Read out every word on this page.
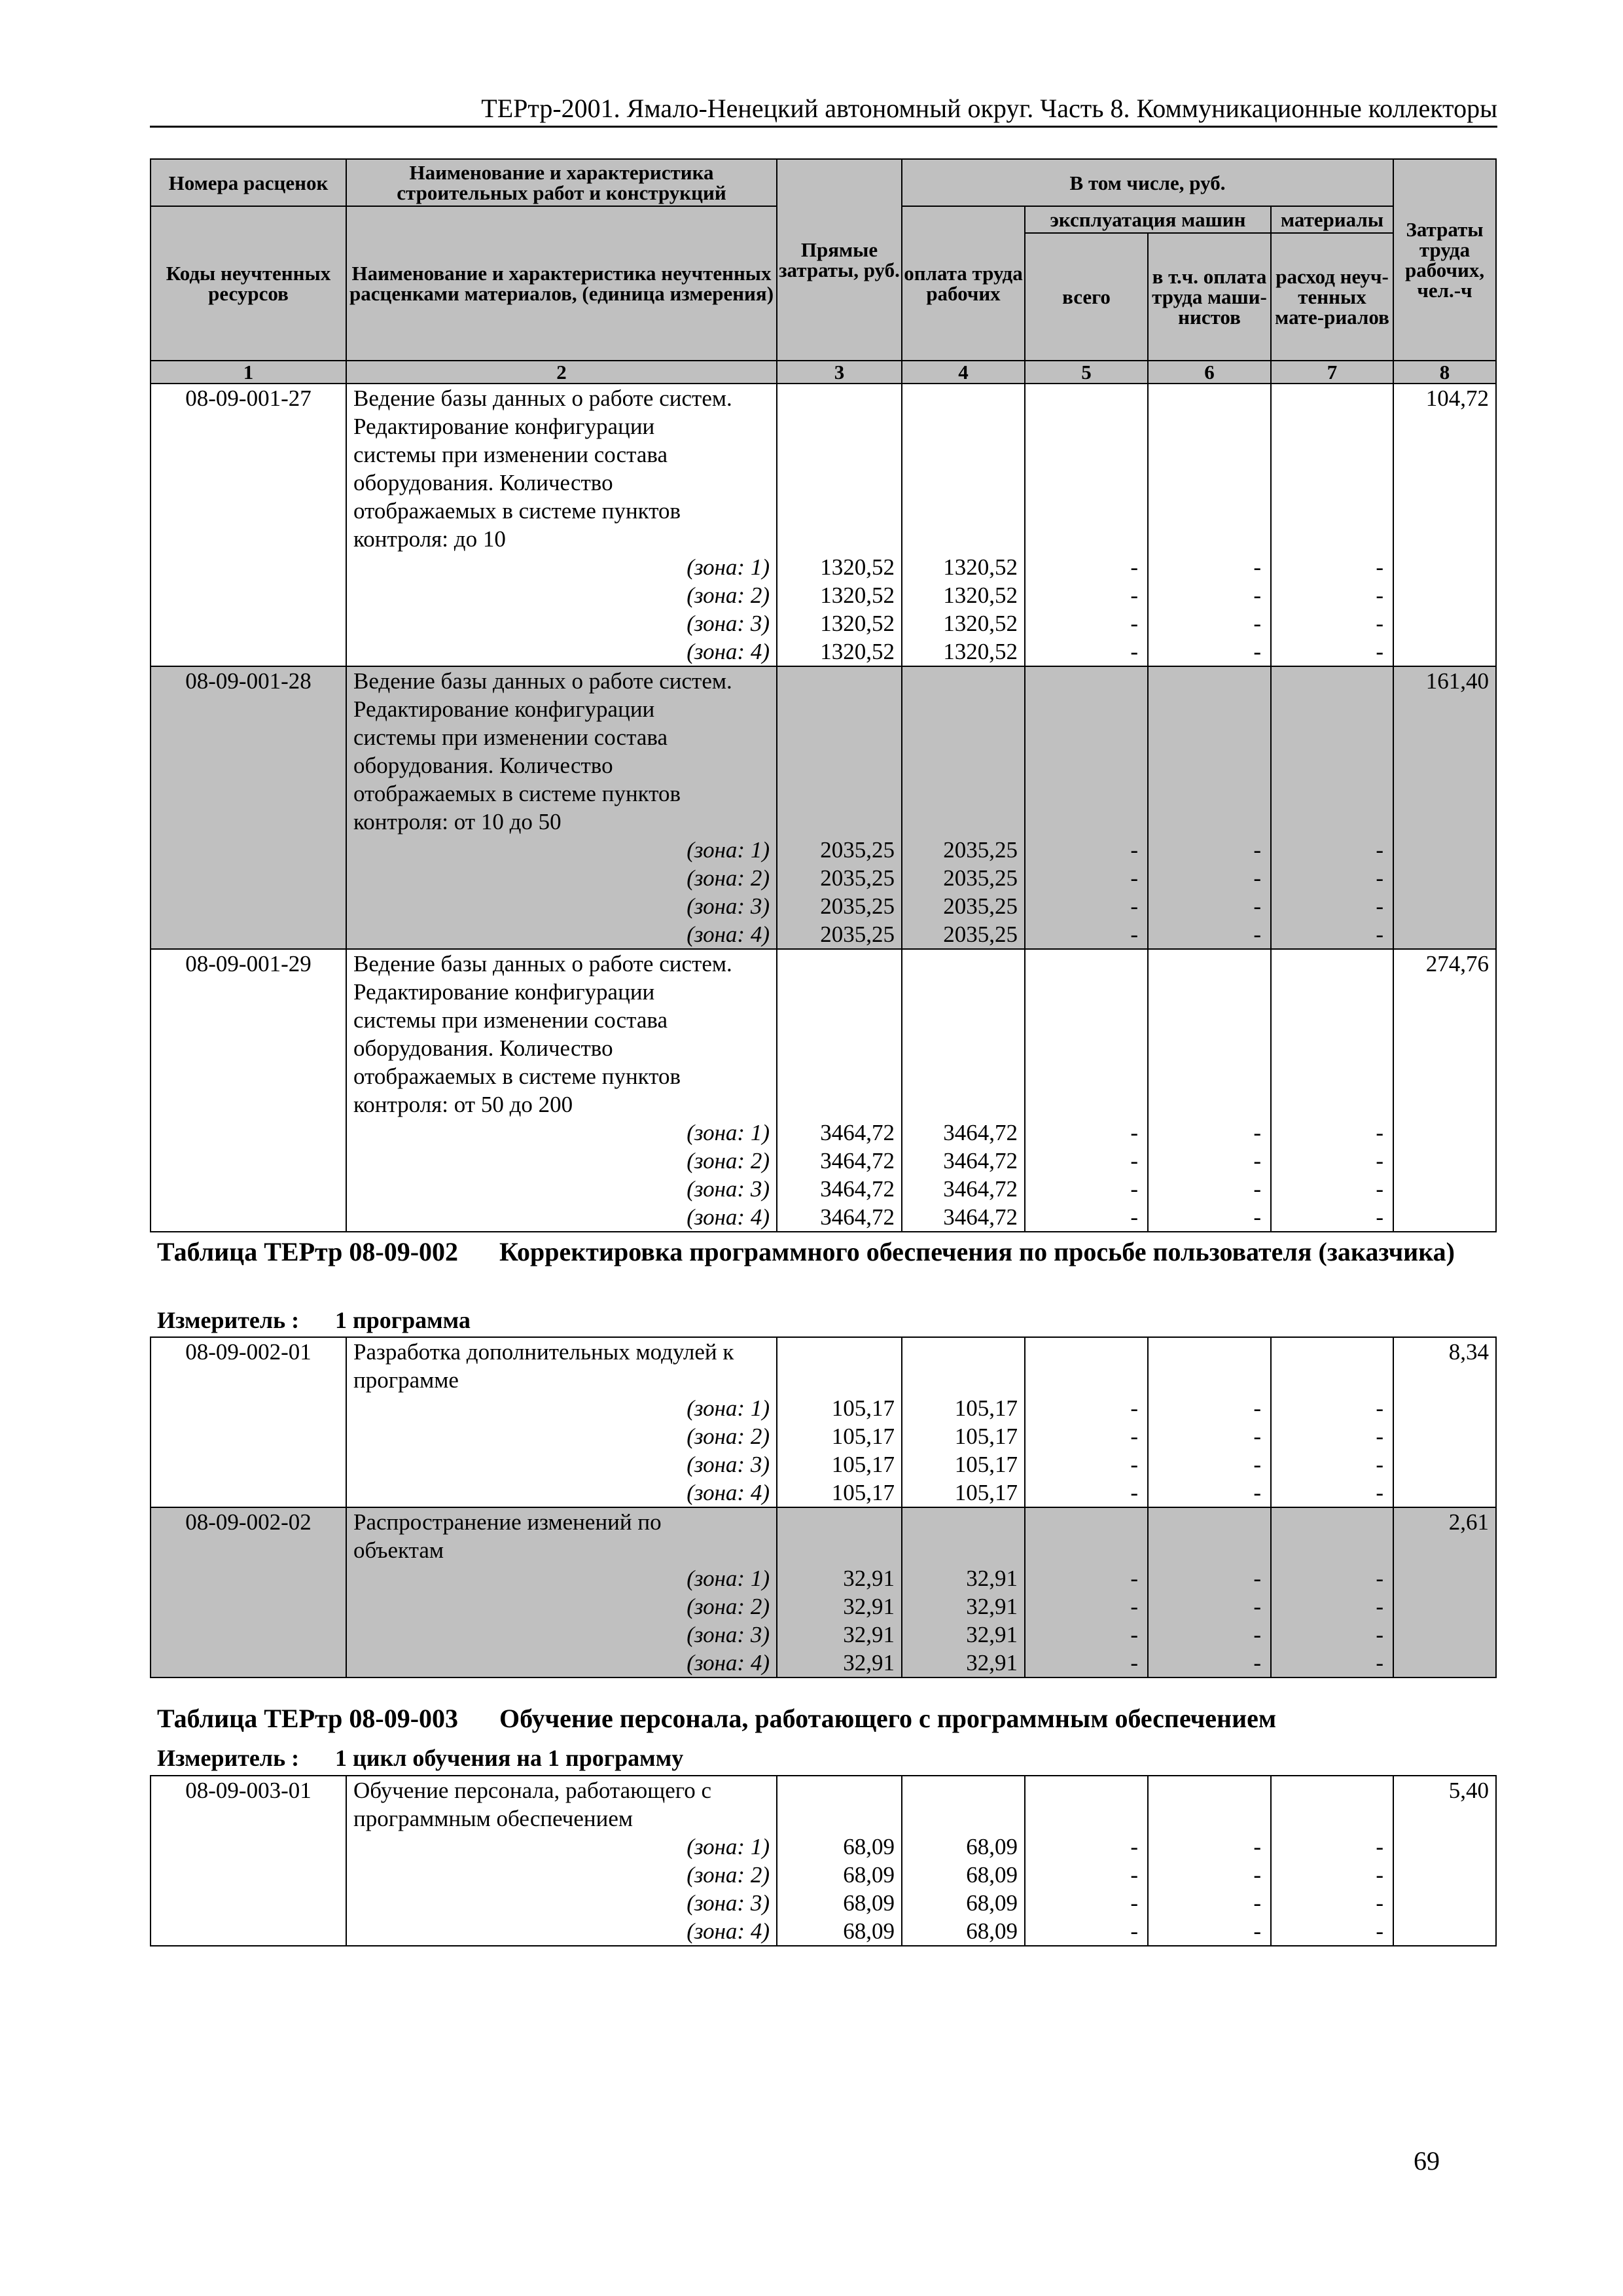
ТЕРтр-2001. Ямало-Ненецкий автономный округ. Часть 8. Коммуникационные коллекторы
Номера расценок	Наименование и характеристика строительных работ и конструкций	Прямые затраты, руб.	В том числе, руб.				Затраты труда рабочих, чел.-ч
Коды неучтенных ресурсов	Наименование и характеристика неучтенных расценками материалов, (единица измерения)		оплата труда рабочих	эксплуатация машин		материалы	
				всего	в т.ч. оплата труда маши-нистов	расход неуч-тенных мате-риалов	
1	2	3	4	5	6	7	8
08-09-001-27	Ведение базы данных о работе систем.						104,72
	Редактирование конфигурации						
	системы при изменении состава						
	оборудования. Количество						
	отображаемых в системе пунктов						
	контроля: до 10						
	(зона: 1)	1320,52	1320,52	-	-	-	
	(зона: 2)	1320,52	1320,52	-	-	-	
	(зона: 3)	1320,52	1320,52	-	-	-	
	(зона: 4)	1320,52	1320,52	-	-	-	
08-09-001-28	Ведение базы данных о работе систем.						161,40
	Редактирование конфигурации						
	системы при изменении состава						
	оборудования. Количество						
	отображаемых в системе пунктов						
	контроля: от 10 до 50						
	(зона: 1)	2035,25	2035,25	-	-	-	
	(зона: 2)	2035,25	2035,25	-	-	-	
	(зона: 3)	2035,25	2035,25	-	-	-	
	(зона: 4)	2035,25	2035,25	-	-	-	
08-09-001-29	Ведение базы данных о работе систем.						274,76
	Редактирование конфигурации						
	системы при изменении состава						
	оборудования. Количество						
	отображаемых в системе пунктов						
	контроля: от 50 до 200						
	(зона: 1)	3464,72	3464,72	-	-	-	
	(зона: 2)	3464,72	3464,72	-	-	-	
	(зона: 3)	3464,72	3464,72	-	-	-	
	(зона: 4)	3464,72	3464,72	-	-	-	
Таблица ТЕРтр 08-09-002 Корректировка программного обеспечения по просьбе пользователя (заказчика)
Измеритель : 1 программа
08-09-002-01	Разработка дополнительных модулей к						8,34
	программе						
	(зона: 1)	105,17	105,17	-	-	-	
	(зона: 2)	105,17	105,17	-	-	-	
	(зона: 3)	105,17	105,17	-	-	-	
	(зона: 4)	105,17	105,17	-	-	-	
08-09-002-02	Распространение изменений по						2,61
	объектам						
	(зона: 1)	32,91	32,91	-	-	-	
	(зона: 2)	32,91	32,91	-	-	-	
	(зона: 3)	32,91	32,91	-	-	-	
	(зона: 4)	32,91	32,91	-	-	-	
Таблица ТЕРтр 08-09-003 Обучение персонала, работающего с программным обеспечением
Измеритель : 1 цикл обучения на 1 программу
08-09-003-01	Обучение персонала, работающего с						5,40
	программным обеспечением						
	(зона: 1)	68,09	68,09	-	-	-	
	(зона: 2)	68,09	68,09	-	-	-	
	(зона: 3)	68,09	68,09	-	-	-	
	(зона: 4)	68,09	68,09	-	-	-	
69
